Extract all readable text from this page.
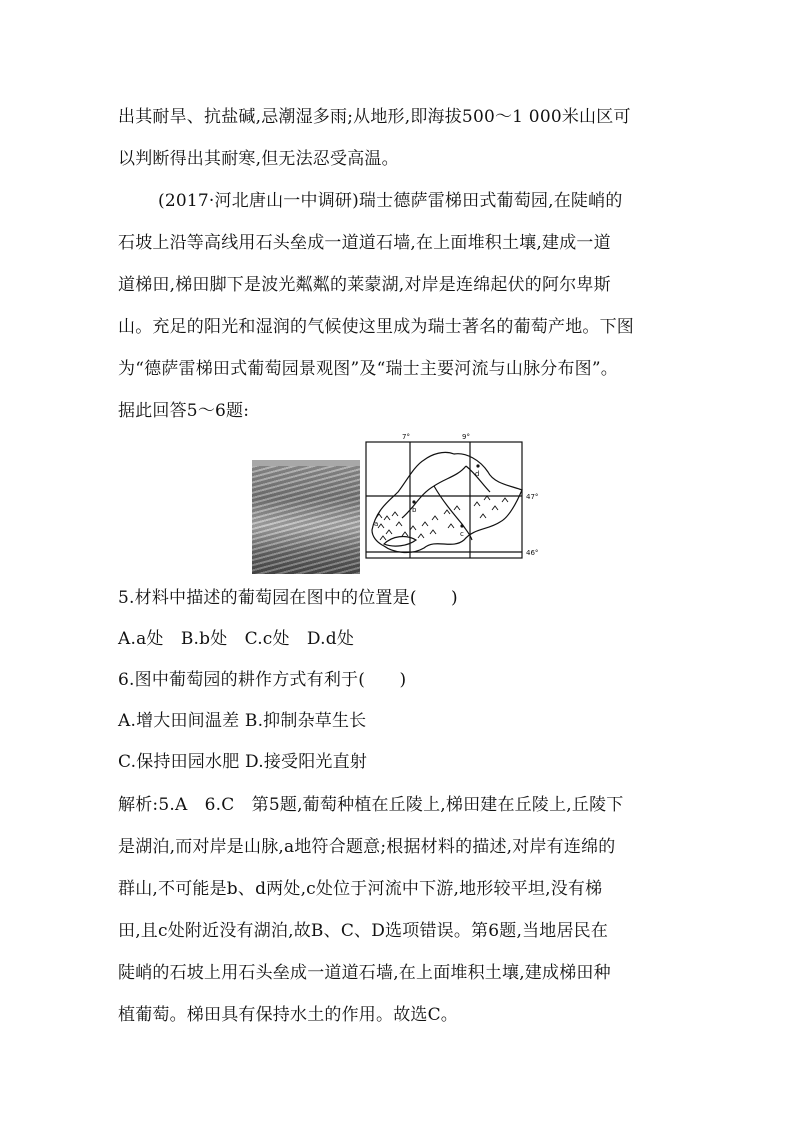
出其耐旱、抗盐碱,忌潮湿多雨;从地形,即海拔500～1 000米山区可
以判断得出其耐寒,但无法忍受高温。
(2017·河北唐山一中调研)瑞士德萨雷梯田式葡萄园,在陡峭的
石坡上沿等高线用石头垒成一道道石墙,在上面堆积土壤,建成一道
道梯田,梯田脚下是波光粼粼的莱蒙湖,对岸是连绵起伏的阿尔卑斯
山。充足的阳光和湿润的气候使这里成为瑞士著名的葡萄产地。下图
为“德萨雷梯田式葡萄园景观图”及“瑞士主要河流与山脉分布图”。
据此回答5～6题:
7°	9°
47°
46°
b
d
c
a
5.材料中描述的葡萄园在图中的位置是(　　)
A.a处　B.b处　C.c处　D.d处
6.图中葡萄园的耕作方式有利于(　　)
A.增大田间温差 B.抑制杂草生长
C.保持田园水肥 D.接受阳光直射
解析:5.A　6.C　第5题,葡萄种植在丘陵上,梯田建在丘陵上,丘陵下
是湖泊,而对岸是山脉,a地符合题意;根据材料的描述,对岸有连绵的
群山,不可能是b、d两处,c处位于河流中下游,地形较平坦,没有梯
田,且c处附近没有湖泊,故B、C、D选项错误。第6题,当地居民在
陡峭的石坡上用石头垒成一道道石墙,在上面堆积土壤,建成梯田种
植葡萄。梯田具有保持水土的作用。故选C。
